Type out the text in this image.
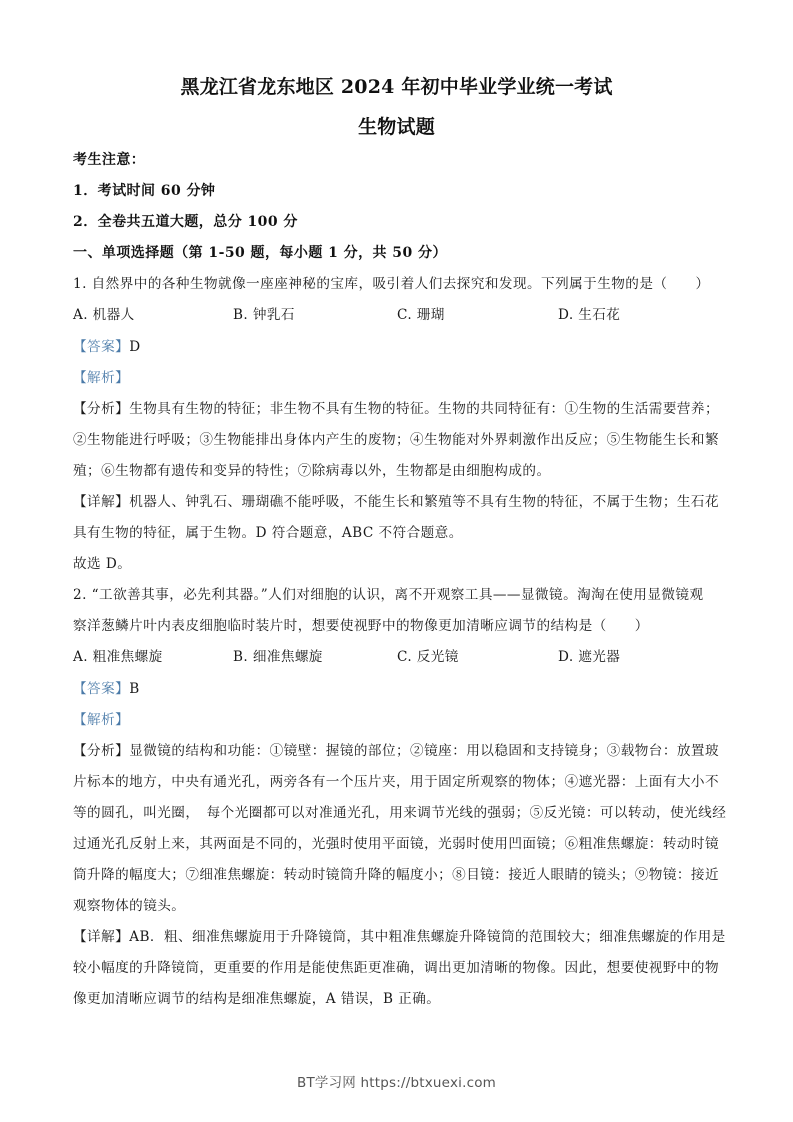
黑龙江省龙东地区 2024 年初中毕业学业统一考试
生物试题
考生注意：
1．考试时间 60 分钟
2．全卷共五道大题，总分 100 分
一、单项选择题（第 1-50 题，每小题 1 分，共 50 分）
1. 自然界中的各种生物就像一座座神秘的宝库，吸引着人们去探究和发现。下列属于生物的是（　　）
A. 机器人	B. 钟乳石	C. 珊瑚	D. 生石花
【答案】D
【解析】
【分析】生物具有生物的特征；非生物不具有生物的特征。生物的共同特征有：①生物的生活需要营养；
②生物能进行呼吸；③生物能排出身体内产生的废物；④生物能对外界刺激作出反应；⑤生物能生长和繁
殖；⑥生物都有遗传和变异的特性；⑦除病毒以外，生物都是由细胞构成的。
【详解】机器人、钟乳石、珊瑚礁不能呼吸，不能生长和繁殖等不具有生物的特征，不属于生物；生石花
具有生物的特征，属于生物。D 符合题意，ABC 不符合题意。
故选 D。
2. “工欲善其事，必先利其器。”人们对细胞的认识，离不开观察工具——显微镜。淘淘在使用显微镜观
察洋葱鳞片叶内表皮细胞临时装片时，想要使视野中的物像更加清晰应调节的结构是（　　）
A. 粗准焦螺旋	B. 细准焦螺旋	C. 反光镜	D. 遮光器
【答案】B
【解析】
【分析】显微镜的结构和功能：①镜壁：握镜的部位；②镜座：用以稳固和支持镜身；③载物台：放置玻
片标本的地方，中央有通光孔，两旁各有一个压片夹，用于固定所观察的物体；④遮光器：上面有大小不
等的圆孔，叫光圈，　每个光圈都可以对准通光孔，用来调节光线的强弱；⑤反光镜：可以转动，使光线经
过通光孔反射上来，其两面是不同的，光强时使用平面镜，光弱时使用凹面镜；⑥粗准焦螺旋：转动时镜
筒升降的幅度大；⑦细准焦螺旋：转动时镜筒升降的幅度小；⑧目镜：接近人眼睛的镜头；⑨物镜：接近
观察物体的镜头。
【详解】AB．粗、细准焦螺旋用于升降镜筒，其中粗准焦螺旋升降镜筒的范围较大；细准焦螺旋的作用是
较小幅度的升降镜筒，更重要的作用是能使焦距更准确，调出更加清晰的物像。因此，想要使视野中的物
像更加清晰应调节的结构是细准焦螺旋，A 错误，B 正确。
BT学习网 https://btxuexi.com
